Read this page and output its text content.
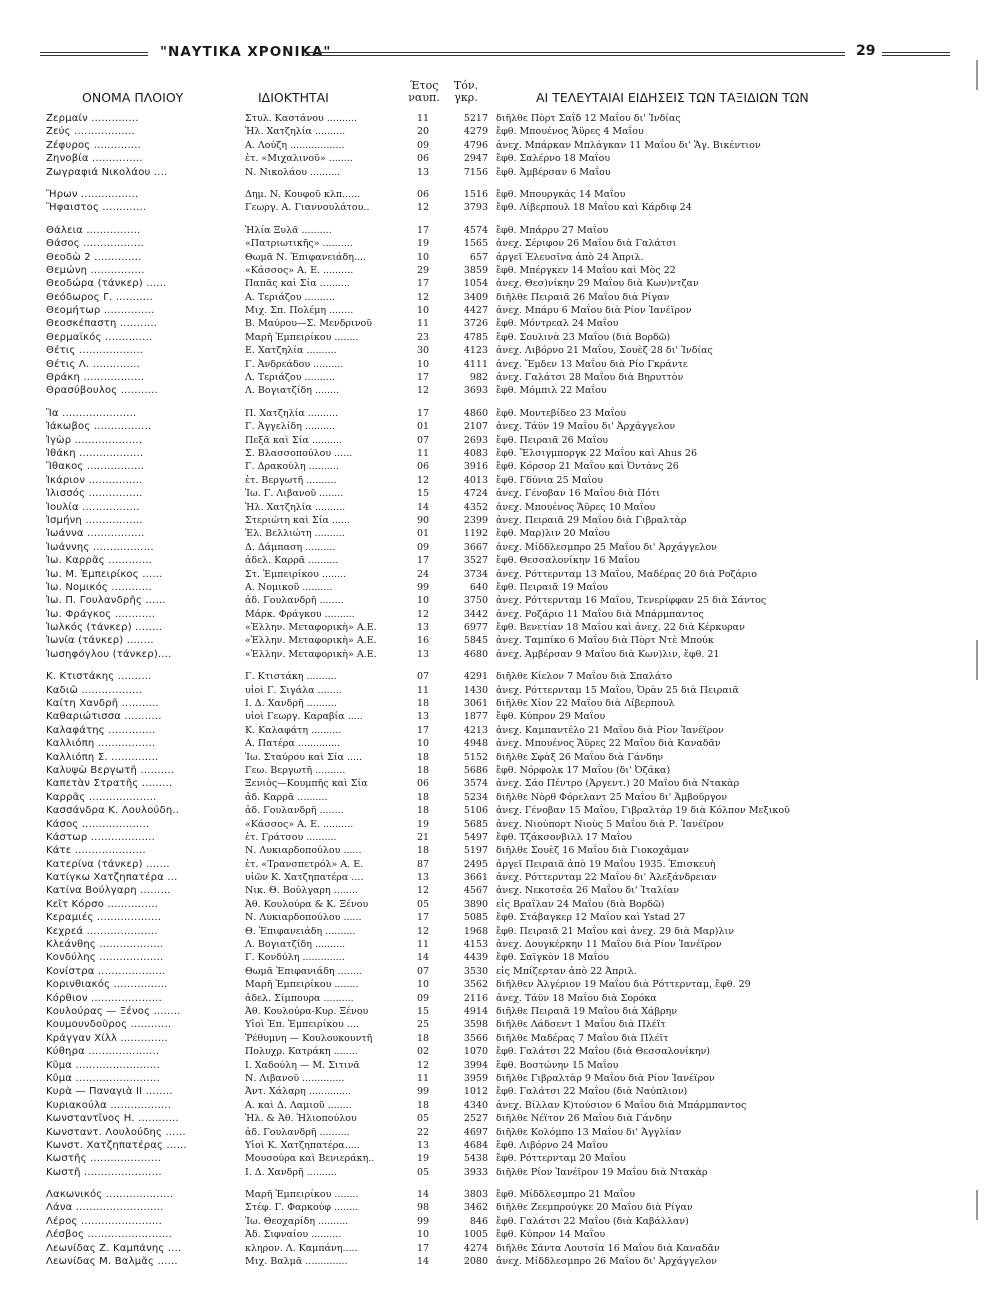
"ΝΑΥΤΙΚΑ ΧΡΟΝΙΚΑ"	29
ΟΝΟΜΑ ΠΛΟΙΟΥ	ΙΔΙΟΚΤΗΤΑΙ
Έτος
ναυπ.
Τόν.
γκρ.	ΑΙ ΤΕΛΕΥΤΑΙΑΙ ΕΙΔΗΣΕΙΣ ΤΩΝ ΤΑΞΙΔΙΩΝ ΤΩΝ
Ζερμαίν ..............	Στυλ. Καστάνου ..........	11	5217 διῆλθε Πὸρτ Σαΐδ 12 Μαΐου δι' Ἰνδίας
Ζεύς ..................	Ἡλ. Χατζηλία ..........	20	4279 ἔφθ. Μπουένος Ἄϋρες 4 Μαΐου
Ζέφυρος ..............	Α. Λούζη ..................	09	4796 ἀνεχ. Μπάρκαν Μπλάγκαν 11 Μαΐου δι' Ἅγ. Βικέντιον
Ζηνοβία ...............	ἐτ. «Μιχαλινοῦ» ........	06	2947 ἔφθ. Σαλέρνο 18 Μαΐου
Ζωγραφιά Νικολάου ....	Ν. Νικολάου ..........	13	7156 ἔφθ. Ἀμβέρσαν 6 Μαΐου
Ἥρων .................	Δημ. Ν. Κουφοῦ κλπ......	06	1516 ἔφθ. Μπουργκάς 14 Μαΐου
Ἥφαιστος .............	Γεωργ. Α. Γιαννουλάτου..	12	3793 ἔφθ. Λίβερπουλ 18 Μαΐου καὶ Κάρδιφ 24
Θάλεια ................	Ἡλία Ξυλᾶ ..........	17	4574 ἔφθ. Μπάρρυ 27 Μαΐου
Θάσος ..................	«Πατριωτικῆς» ..........	19	1565 ἀνεχ. Σέριφον 26 Μαΐου διὰ Γαλάτσι
Θεοδὼ 2 ..............	Θωμᾶ Ν. Ἐπιφανειάδη....	10	657 ἀργεῖ Ἐλευσῖνα ἀπὸ 24 Ἀπριλ.
Θεμώνη ................	«Κάσσος» Α. Ε. ..........	29	3859 ἔφθ. Μπέργκεν 14 Μαΐου καὶ Μὸς 22
Θεοδώρα (τάνκερ) ......	Παπᾶς καὶ Σία ..........	17	1054 ἀνεχ. Θεσ)νίκην 29 Μαΐου διὰ Κων)ντζαν
Θεόδωρος Γ. ...........	Α. Τεριάζου ..........	12	3409 διῆλθε Πειραιᾶ 26 Μαΐου διὰ Ρίγαν
Θεομήτωρ ...............	Μιχ. Σπ. Πολέμη ........	10	4427 ἀνεχ. Μπάρυ 6 Μαΐου διὰ Ρίον Ἰανέϊρον
Θεοσκέπαστη ...........	Β. Μαύρου—Σ. Μενδρινοῦ	11	3726 ἔφθ. Μόντρεαλ 24 Μαΐου
Θερμαϊκός ..............	Μαρῆ Ἐμπειρίκου ........	23	4785 ἔφθ. Σουλινὰ 23 Μαΐου (διὰ Βορδῶ)
Θέτις ...................	Ε. Χατζηλία ..........	30	4123 ἀνεχ. Λιβόρνο 21 Μαΐου, Σουὲζ 28 δι' Ἰνδίας
Θέτις Λ. ..............	Γ. Ἀνδρεάδου ..........	10	4111 ἀνεχ. Ἔμδεν 13 Μαΐου διὰ Ρίο Γκράντε
Θράκη ..................	Λ. Τεριάζου ..........	17	982 ἀνεχ. Γαλάτσι 28 Μαΐου διὰ Βηρυττὸν
Θρασύβουλος ...........	Λ. Βογιατζίδη ........	12	3693 ἔφθ. Μόμπιλ 22 Μαΐου
Ἴα ......................	Π. Χατζηλία ..........	17	4860 ἔφθ. Μοντεβίδεο 23 Μαΐου
Ἰάκωβος .................	Γ. Ἀγγελίδη ..........	01	2107 ἀνεχ. Τάϋν 19 Μαΐου δι' Ἀρχάγγελον
Ἰγὼρ ....................	Πεξᾶ καὶ Σία ..........	07	2693 ἔφθ. Πειραιᾶ 26 Μαΐου
Ἰθάκη ...................	Σ. Βλασσοπούλου ......	11	4083 ἔφθ. Ἔλσιγμποργκ 22 Μαΐου καὶ Ahus 26
Ἴθακος .................	Γ. Δρακούλη ..........	06	3916 ἔφθ. Κόρσορ 21 Μαΐου καὶ Ὀντὰνς 26
Ἰκάριον ................	ἐτ. Βεργωτῆ ..........	12	4013 ἔφθ. Γδύνια 25 Μαΐου
Ἰλισσός ................	Ἰω. Γ. Λιβανοῦ ........	15	4724 ἀνεχ. Γένοβαν 16 Μαΐου διὰ Πότι
Ἰουλία .................	Ἡλ. Χατζηλία ..........	14	4352 ἀνεχ. Μπουένος Ἄϋρες 10 Μαΐου
Ἰσμήνη .................	Στεριώτη καὶ Σία ......	90	2399 ἀνεχ. Πειραιᾶ 29 Μαΐου διὰ Γιβραλτὰρ
Ἰωάννα .................	Ἐλ. Βελλιώτη ..........	01	1192 ἔφθ. Μαρ)λιν 20 Μαΐου
Ἰωάννης ..................	Δ. Δάμπαση ..........	09	3667 ἀνεχ. Μίδδλεσμπρο 25 Μαΐου δι' Ἀρχάγγελον
Ἰω. Καρρᾶς .............	ἀδελ. Καρρᾶ ..........	17	3527 ἔφθ. Θεσσαλονίκην 16 Μαΐου
Ἰω. Μ. Ἐμπειρίκος ......	Στ. Ἐμπειρίκου ........	24	3734 ἀνεχ. Ρόττερνταμ 13 Μαΐου, Μαδέρας 20 διὰ Ροζάριο
Ἰω. Νομικός ............	Α. Νομικοῦ ..........	99	640 ἔφθ. Πειραιᾶ 19 Μαΐου
Ἰω. Π. Γουλανδρῆς ......	ἀδ. Γουλανδρῆ ........	10	3750 ἀνεχ. Ρόττερνταμ 16 Μαΐου, Τενερίφφαν 25 διὰ Σάντος
Ἰω. Φράγκος ............	Μάρκ. Φράγκου ..........	12	3442 ἀνεχ. Ροζάριο 11 Μαΐου διὰ Μπάρμπαντος
Ἰωλκός (τάνκερ) ........	«Ἑλλην. Μεταφορικὴ» Α.Ε.	13	6977 ἔφθ. Βενετίαν 18 Μαΐου καὶ ἀνεχ. 22 διὰ Κέρκυραν
Ἰωνία (τάνκερ) ........	«Ἑλλην. Μεταφορικὴ» Α.Ε.	16	5845 ἀνεχ. Ταμπίκο 6 Μαΐου διὰ Πὸρτ Ντὲ Μπούκ
Ἰωσηφόγλου (τάνκερ)....	«Ἑλλην. Μεταφορικὴ» Α.Ε.	13	4680 ἀνεχ. Ἀμβέρσαν 9 Μαΐου διὰ Κων)λιν, ἔφθ. 21
Κ. Κτιστάκης ..........	Γ. Κτιστάκη ..........	07	4291 διῆλθε Κίελον 7 Μαΐου διὰ Σπαλάτο
Καδιῶ ..................	υἱοὶ Γ. Σιγάλα ........	11	1430 ἀνεχ. Ρόττερνταμ 15 Μαΐου, Ὀρὰν 25 διὰ Πειραιᾶ
Καίτη Χανδρῆ ...........	Ι. Δ. Χανδρῆ ..........	18	3061 διῆλθε Χίον 22 Μαΐου διὰ Λίβερπουλ
Καθαριώτισσα ...........	υἱοὶ Γεωργ. Καραβία .....	13	1877 ἔφθ. Κύπρον 29 Μαΐου
Καλαφάτης ..............	Κ. Καλαφάτη ..........	17	4213 ἀνεχ. Καμπαντέλο 21 Μαΐου διὰ Ρίον Ἰανέϊρον
Καλλιόπη .................	Α. Πατέρα ..............	10	4948 ἀνεχ. Μπουένος Ἄϋρες 22 Μαΐου διὰ Καναδᾶν
Καλλιόπη Σ. ..............	Ἰω. Σταύρου καὶ Σία .....	18	5152 διῆλθε Σφὰξ 26 Μαΐου διὰ Γάνδην
Καλυψὼ Βεργωτῆ ..........	Γεω. Βεργωτῆ ..........	18	5686 ἔφθ. Νόρφολκ 17 Μαΐου (δι' Ὀζάκα)
Καπετὰν Στρατῆς .........	Ξενιὸς—Κουμπῆς καὶ Σία	06	3574 ἀνεχ. Σάο Πέντρο (Ἀργεντ.) 20 Μαΐου διὰ Ντακὰρ
Καρρᾶς ....................	ἀδ. Καρρᾶ ..........	18	5234 διῆλθε Νὸρθ Φόρελαντ 25 Μαΐου δι' Ἀμβοῦργον
Κασσάνδρα Κ. Λουλούδη..	ἀδ. Γουλανδρῆ ........	18	5106 ἀνεχ. Γένοβαν 15 Μαΐου, Γιβραλτὰρ 19 διὰ Κόλπον Μεξικοῦ
Κάσος ....................	«Κάσσος» Α. Ε. ..........	19	5685 ἀνεχ. Νιούπορτ Νιοὺς 5 Μαΐου διὰ Ρ. Ἰανέϊρον
Κάστωρ ...................	ἐτ. Γράτσου ..........	21	5497 ἔφθ. Τζάκσονβιλλ 17 Μαΐου
Κάτε .....................	Ν. Λυκιαρδοπούλου ......	18	5197 διῆλθε Σουὲζ 16 Μαΐου διὰ Γιοκοχάμαν
Κατερίνα (τάνκερ) .......	ἐτ. «Τρανσπετρόλ» Α. Ε.	87	2495 ἀργεῖ Πειραιᾶ ἀπὸ 19 Μαΐου 1935. Ἐπισκευὴ
Κατίγκω Χατζηπατέρα ...	υἱῶν Κ. Χατζηπατέρα ....	13	3661 ἀνεχ. Ρόττερνταμ 22 Μαΐου δι' Ἀλεξάνδρειαν
Κατίνα Βούλγαρη .........	Νικ. Θ. Βούλγαρη ........	12	4567 ἀνεχ. Νεκοτσέα 26 Μαΐου δι' Ἰταλίαν
Κεῖτ Κόρσο ...............	Ἀθ. Κουλούρα & Κ. Ξένου	05	3890 εἰς Βραΐλαν 24 Μαΐου (διὰ Βορδῶ)
Κεραμιές ...................	Ν. Λυκιαρδοπούλου ......	17	5085 ἔφθ. Στάβαγκερ 12 Μαΐου καὶ Ystad 27
Κεχρεά .....................	Θ. Ἐπιφανειάδη ..........	12	1968 ἔφθ. Πειραιᾶ 21 Μαΐου καὶ ἀνεχ. 29 διὰ Μαρ)λιν
Κλεάνθης ...................	Λ. Βογιατζίδη ..........	11	4153 ἀνεχ. Δουγκέρκην 11 Μαΐου διὰ Ρίον Ἰανέϊρον
Κονδύλης ...................	Γ. Κονδύλη ..............	14	4439 ἔφθ. Σαϊγκὸν 18 Μαΐου
Κονίστρα ....................	Θωμᾶ Ἐπιφανιάδη ........	07	3530 εἰς Μπίζερταν ἀπὸ 22 Ἀπριλ.
Κορινθιακός ................	Μαρῆ Ἐμπειρίκου ........	10	3562 διῆλθεν Ἀλγέριον 19 Μαΐου διὰ Ρόττερνταμ, ἔφθ. 29
Κόρθιον .....................	ἀδελ. Σίμπουρα ..........	09	2116 ἀνεχ. Τάϋν 18 Μαΐου διὰ Σορόκα
Κουλούρας — Ξένος ........	Ἀθ. Κουλούρα-Κυρ. Ξένου	15	4914 διῆλθε Πειραιᾶ 19 Μαΐου διὰ Χάβρην
Κουμουνδοῦρος ............	Υἱοὶ Ἐπ. Ἐμπειρίκου ....	25	3598 διῆλθε Λάδσεντ 1 Μαΐου διὰ Πλέϊτ
Κράγγαν Χίλλ ..............	Ῥέθυμνη — Κουλουκουντῆ	18	3566 διῆλθε Μαδέρας 7 Μαΐου διὰ Πλέϊτ
Κύθηρα .....................	Πολυχρ. Κατράκη ........	02	1070 ἔφθ. Γαλάτσι 22 Μαΐου (διὰ Θεσσαλονίκην)
Κῦμα .........................	Ι. Χαδούλη — Μ. Σιτινᾶ	12	3994 ἔφθ. Βοστώνην 15 Μαΐου
Κῦμα .........................	Ν. Λιβανοῦ ..............	11	3959 διῆλθε Γιβραλτὰρ 9 Μαΐου διὰ Ρίον Ἰανέϊρον
Κυρὰ — Παναγιὰ ΙΙ ........	Ἀντ. Χάλαρη ..............	99	1012 ἔφθ. Γαλάτσι 22 Μαΐου (διὰ Ναύπλιον)
Κυριακούλα ..................	Α. καὶ Δ. Λαμιοῦ ........	18	4340 ἀνεχ. Βίλλαν Κ)τούσιον 6 Μαΐου διὰ Μπάρμπαντος
Κωνσταντῖνος Η. ............	Ἡλ. & Ἀθ. Ἠλιοπούλου	05	2527 διῆλθε Νέϊτον 26 Μαΐου διὰ Γάνδην
Κωνσταντ. Λουλούδης ......	ἀδ. Γουλανδρῆ ..........	22	4697 διῆλθε Κολόμπο 13 Μαΐου δι' Ἀγγλίαν
Κωνστ. Χατζηπατέρας ......	Υἱοὶ Κ. Χατζηπατέρα.....	13	4684 ἔφθ. Λιβόρνο 24 Μαΐου
Κωστῆς .....................	Μουσούρα καὶ Βενιεράκη..	19	5438 ἔφθ. Ρόττερνταμ 20 Μαΐου
Κωστῆ .......................	Ι. Δ. Χανδρῆ ..........	05	3933 διῆλθε Ρίον Ἰανέϊρον 19 Μαΐου διὰ Ντακὰρ
Λακωνικός ....................	Μαρῆ Ἐμπειρίκου ........	14	3803 ἔφθ. Μίδδλεσμπρο 21 Μαΐου
Λάνα ..........................	Στέφ. Γ. Φαρκούφ ........	98	3462 διῆλθε Ζεεμπρούγκε 20 Μαΐου διὰ Ρίγαν
Λέρος ........................	Ἰω. Θεοχαρίδη ..........	99	846 ἔφθ. Γαλάτσι 22 Μαΐου (διὰ Καβάλλαν)
Λέσβος .........................	Ἀδ. Σιφναίου ..........	10	1005 ἔφθ. Κύπρον 14 Μαΐου
Λεωνίδας Ζ. Καμπάνης ....	κληρον. Λ. Καμπάνη.....	17	4274 διῆλθε Σάντα Λουτσία 16 Μαΐου διὰ Καναδᾶν
Λεωνίδας Μ. Βαλμᾶς ......	Μιχ. Βαλμᾶ ..............	14	2080 ἀνεχ. Μίδδλεσμπρο 26 Μαΐου δι' Ἀρχάγγελον
